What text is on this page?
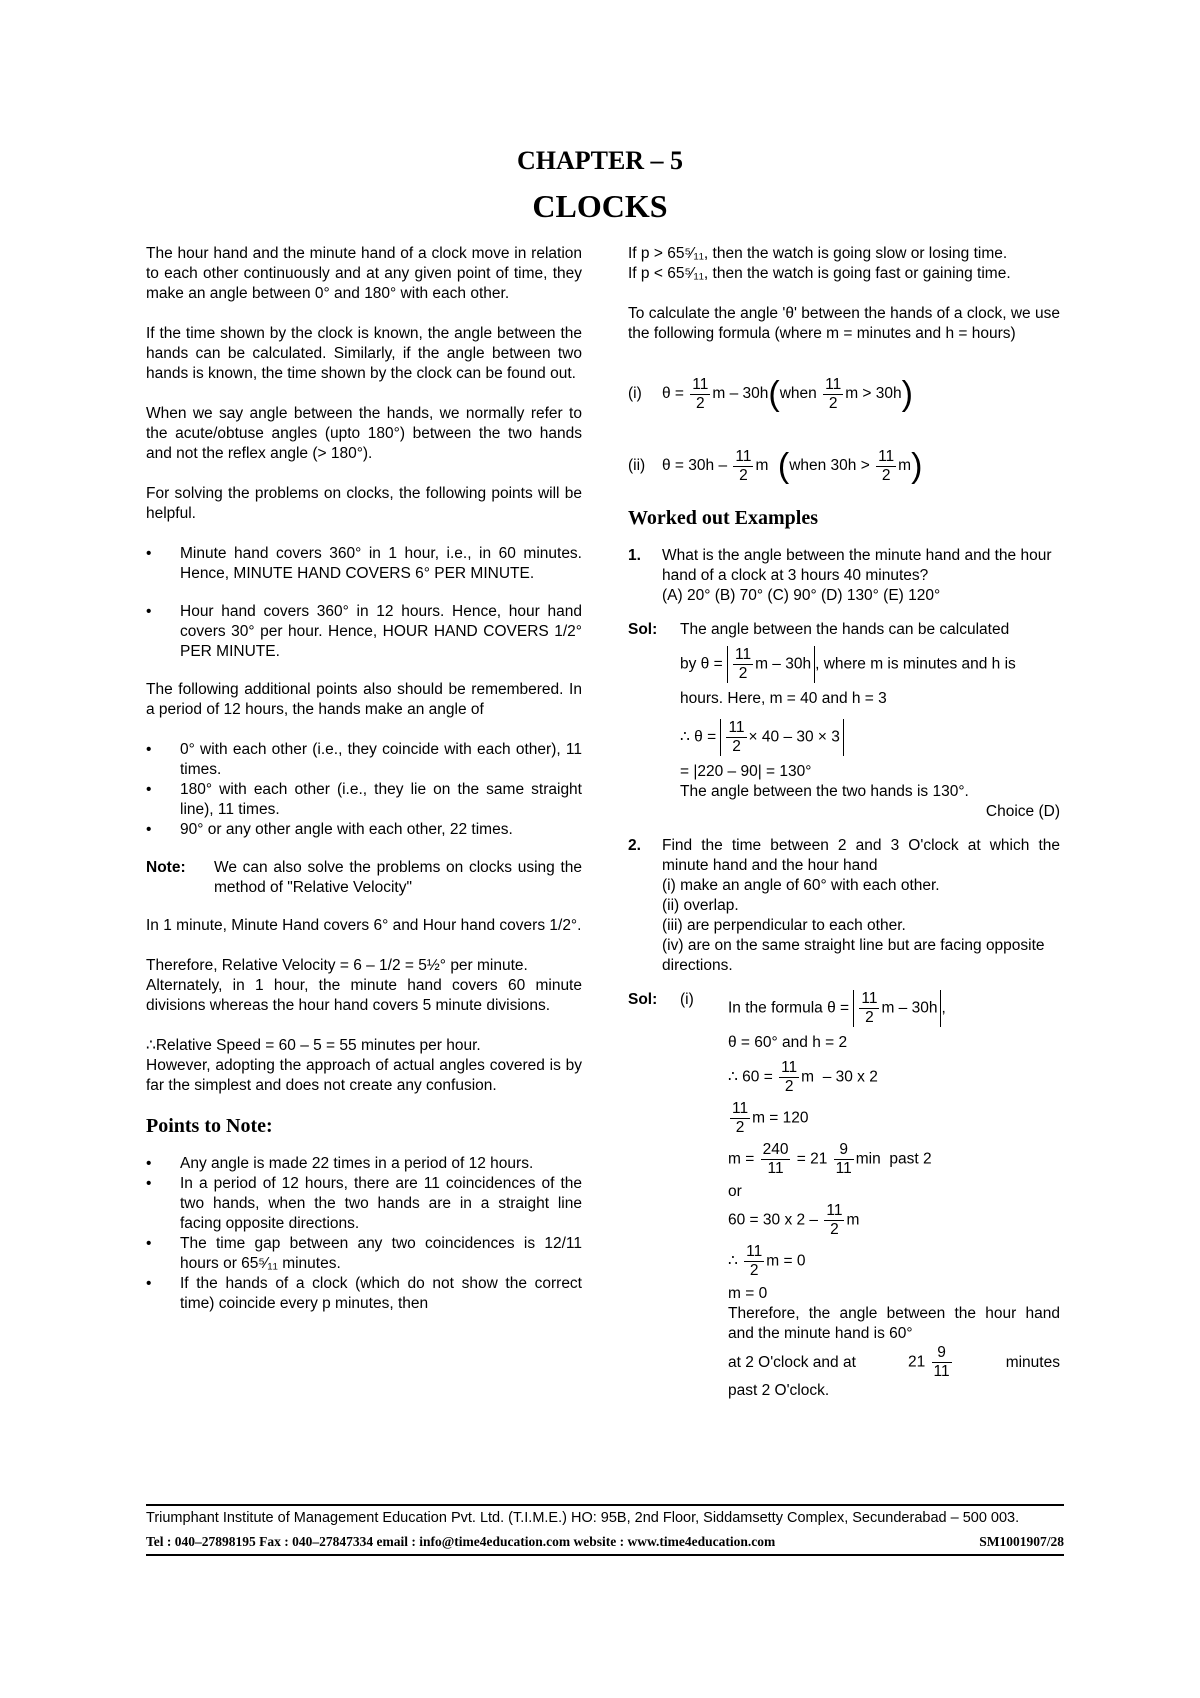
CHAPTER – 5
CLOCKS

The hour hand and the minute hand of a clock move in relation to each other continuously and at any given point of time, they make an angle between 0° and 180° with each other.

If the time shown by the clock is known, the angle between the hands can be calculated. Similarly, if the angle between two hands is known, the time shown by the clock can be found out.

When we say angle between the hands, we normally refer to the acute/obtuse angles (upto 180°) between the two hands and not the reflex angle (> 180°).

For solving the problems on clocks, the following points will be helpful.

•	Minute hand covers 360° in 1 hour, i.e., in 60 minutes. Hence, MINUTE HAND COVERS 6° PER MINUTE.
•	Hour hand covers 360° in 12 hours. Hence, hour hand covers 30° per hour. Hence, HOUR HAND COVERS 1/2° PER MINUTE.

The following additional points also should be remembered. In a period of 12 hours, the hands make an angle of

•	0° with each other (i.e., they coincide with each other), 11 times.
•	180° with each other (i.e., they lie on the same straight line), 11 times.
•	90° or any other angle with each other, 22 times.
Note:	We can also solve the problems on clocks using the method of "Relative Velocity"

In 1 minute, Minute Hand covers 6° and Hour hand covers 1/2°.

Therefore, Relative Velocity = 6 – 1/2 = 5½° per minute.

Alternately, in 1 hour, the minute hand covers 60 minute divisions whereas the hour hand covers 5 minute divisions.

∴Relative Speed = 60 – 5 = 55 minutes per hour.

However, adopting the approach of actual angles covered is by far the simplest and does not create any confusion.

Points to Note:
•	Any angle is made 22 times in a period of 12 hours.
•	In a period of 12 hours, there are 11 coincidences of the two hands, when the two hands are in a straight line facing opposite directions.
•	The time gap between any two coincidences is 12/11 hours or 65⁵⁄₁₁ minutes.
•	If the hands of a clock (which do not show the correct time) coincide every p minutes, then
If p > 65⁵⁄₁₁, then the watch is going slow or losing time.

If p < 65⁵⁄₁₁, then the watch is going fast or gaining time.

To calculate the angle 'θ' between the hands of a clock, we use the following formula (where m = minutes and h = hours)

(i)	$\theta = \frac{11}{2}$ m – 30h ( when $\frac{11}{2}$ m > 30h )
(ii)	$\theta = 30h - \frac{11}{2}$ m ( when $30h > \frac{11}{2}$ m )
Worked out Examples
1.	What is the angle between the minute hand and the hour hand of a clock at 3 hours 40 minutes?
(A) 20° (B) 70° (C) 90° (D) 130° (E) 120°
Sol:	The angle between the hands can be calculated
by $\theta = \frac{11}{2}$ m – 30h , where m is minutes and h is
hours. Here, m = 40 and h = 3
∴ $\theta = \frac{11}{2} \times 40 - 30 \times 3$
= |220 – 90| = 130°
The angle between the two hands is 130°.
Choice (D)
2.	Find the time between 2 and 3 O'clock at which the minute hand and the hour hand
(i) make an angle of 60° with each other.
(ii) overlap.
(iii) are perpendicular to each other.
(iv) are on the same straight line but are facing opposite directions.
Sol:	(i)
In the formula $\theta = \frac{11}{2}$ m – 30h ,
θ = 60° and h = 2
∴ $60 = \frac{11}{2}$ m  – 30 x 2
$\frac{11}{2}$ m = 120
$m = \frac{240}{11} = 21 \frac{9}{11}$ min  past 2
or
60 = 30 x $2 - \frac{11}{2}$ m
∴ $\frac{11}{2}$ m = 0
m = 0
Therefore, the angle between the hour hand and the minute hand is 60°
at 2 O'clock and at	$21 \frac{9}{11}$	minutes
past 2 O'clock.
Triumphant Institute of Management Education Pvt. Ltd. (T.I.M.E.) HO: 95B, 2nd Floor, Siddamsetty Complex, Secunderabad – 500 003.
Tel : 040–27898195 Fax : 040–27847334 email : info@time4education.com website : www.time4education.com	SM1001907/28
